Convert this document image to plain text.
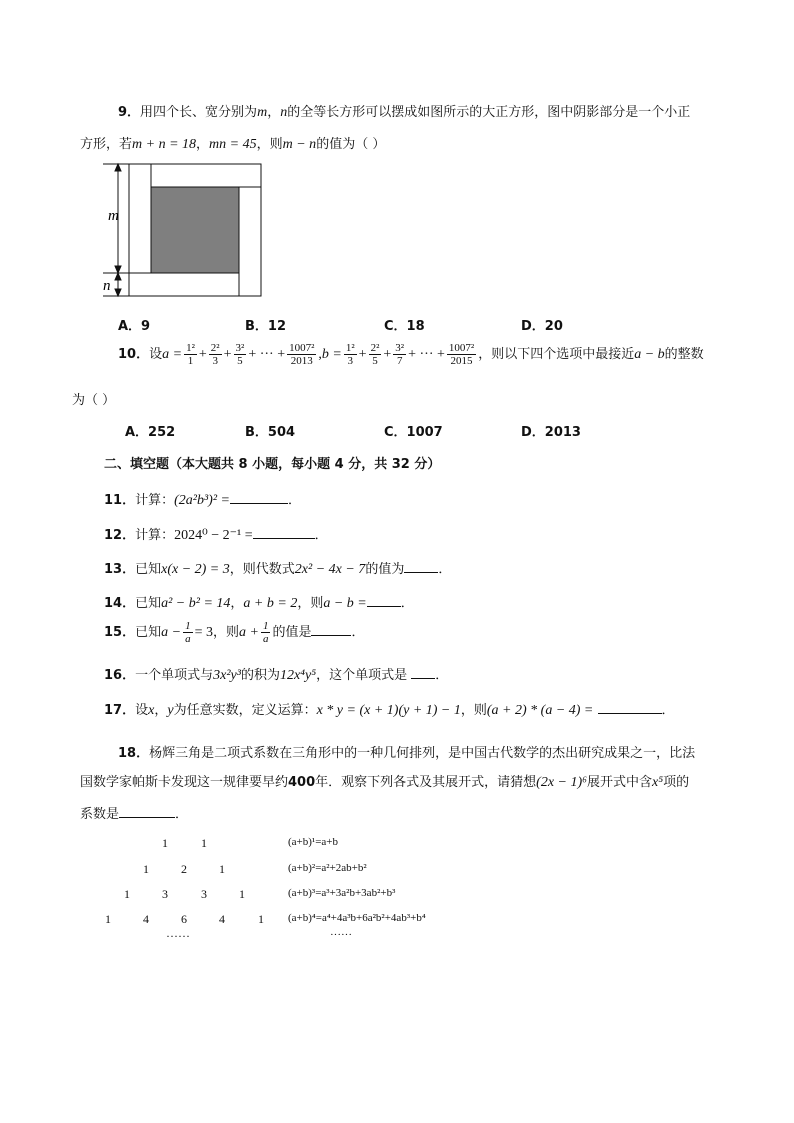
9．用四个长、宽分别为m，n的全等长方形可以摆成如图所示的大正方形，图中阴影部分是一个小正
方形，若m + n = 18，mn = 45，则m − n的值为（ ）
m
n
A．9	B．12	C．18	D．20
10．设$a = \frac{\text{1²}}{1} + \frac{\text{2²}}{3} + \frac{\text{3²}}{5}$ + ··· + $\frac{\text{1007²}}{2013} ,b = \frac{\text{1²}}{3} + \frac{\text{2²}}{5} + \frac{\text{3²}}{7}$ + ··· + $\frac{\text{1007²}}{2015}$ ，则以下四个选项中最接近a − b的整数
为（ ）
A．252	B．504	C．1007	D．2013
二、填空题（本大题共 8 小题，每小题 4 分，共 32 分）
11．计算：(2a²b³)² =	．
12．计算：2024⁰ − 2⁻¹ =	．
13．已知x(x − 2) = 3，则代数式2x² − 4x − 7的值为	．
14．已知a² − b² = 14，a + b = 2，则a − b =	．
15．已知$a - \frac{1}{a} = 3$，则$a + \frac{1}{a}$ 的值是	．
16．一个单项式与3x²y³的积为12x⁴y⁵，这个单项式是 ．
17．设x，y为任意实数，定义运算：x * y = (x + 1)(y + 1) − 1，则(a + 2) * (a − 4) =	．
18．杨辉三角是二项式系数在三角形中的一种几何排列，是中国古代数学的杰出研究成果之一，比法
国数学家帕斯卡发现这一规律要早约400年．观察下列各式及其展开式，请猜想(2x − 1)⁶展开式中含x⁵项的
系数是	．
1	1
1	2	1
1	3	3	1
1	4	6	4	1
······
(a+b)¹=a+b
(a+b)²=a²+2ab+b²
(a+b)³=a³+3a²b+3ab²+b³
(a+b)⁴=a⁴+4a³b+6a²b²+4ab³+b⁴
······
